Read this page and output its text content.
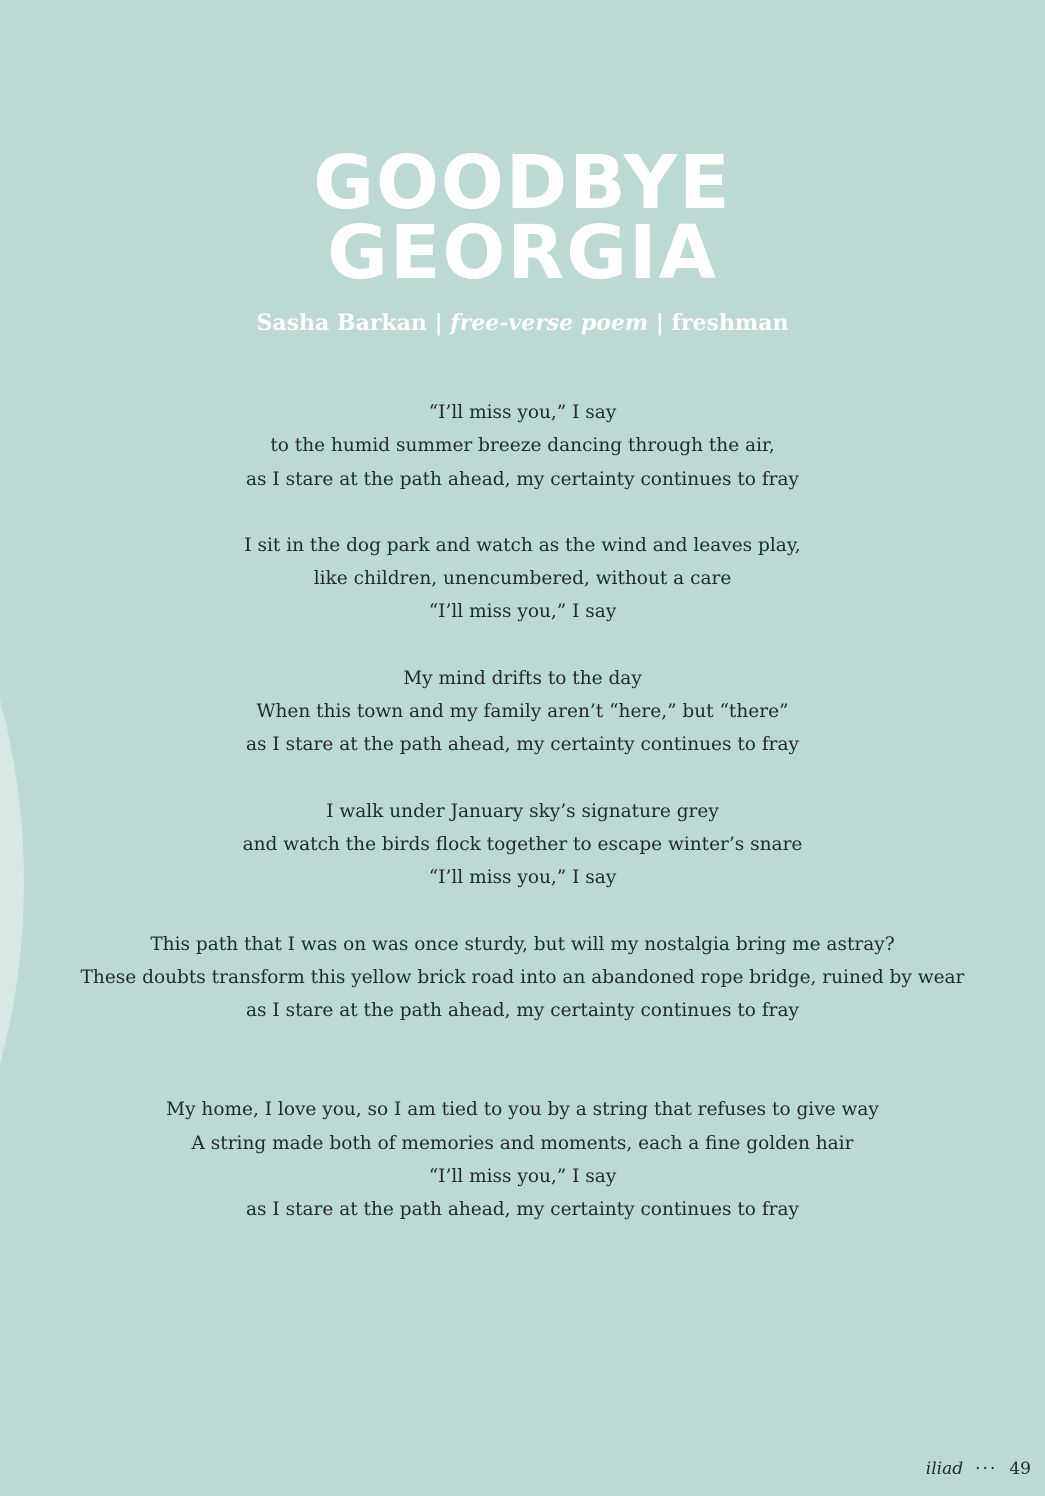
GOODBYE
GEORGIA
Sasha Barkan | free-verse poem | freshman
“I’ll miss you,” I say
to the humid summer breeze dancing through the air,
as I stare at the path ahead, my certainty continues to fray
I sit in the dog park and watch as the wind and leaves play,
like children, unencumbered, without a care
“I’ll miss you,” I say
My mind drifts to the day
When this town and my family aren’t “here,” but “there”
as I stare at the path ahead, my certainty continues to fray
I walk under January sky’s signature grey
and watch the birds flock together to escape winter’s snare
“I’ll miss you,” I say
This path that I was on was once sturdy, but will my nostalgia bring me astray?
These doubts transform this yellow brick road into an abandoned rope bridge, ruined by wear
as I stare at the path ahead, my certainty continues to fray
My home, I love you, so I am tied to you by a string that refuses to give way
A string made both of memories and moments, each a fine golden hair
“I’ll miss you,” I say
as I stare at the path ahead, my certainty continues to fray
iliad ··· 49
